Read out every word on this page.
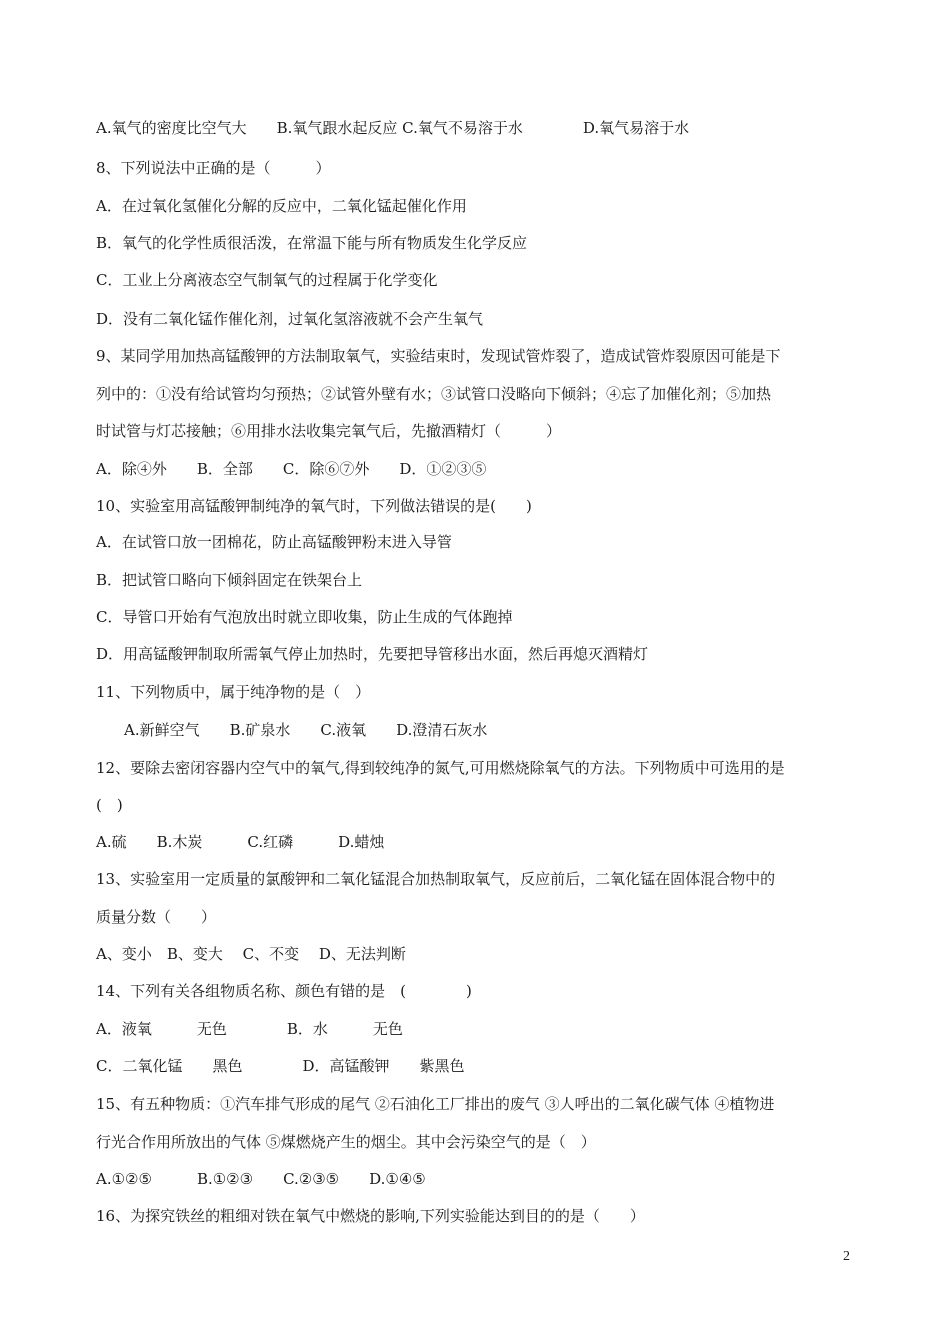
A.氧气的密度比空气大　　B.氧气跟水起反应 C.氧气不易溶于水　　　　D.氧气易溶于水
8、下列说法中正确的是（　　　）
A．在过氧化氢催化分解的反应中，二氧化锰起催化作用
B．氧气的化学性质很活泼，在常温下能与所有物质发生化学反应
C．工业上分离液态空气制氧气的过程属于化学变化
D．没有二氧化锰作催化剂，过氧化氢溶液就不会产生氧气
9、某同学用加热高锰酸钾的方法制取氧气，实验结束时，发现试管炸裂了，造成试管炸裂原因可能是下
列中的：①没有给试管均匀预热；②试管外壁有水；③试管口没略向下倾斜；④忘了加催化剂；⑤加热
时试管与灯芯接触；⑥用排水法收集完氧气后，先撤酒精灯（　　　）
A．除④外　　B．全部　　C．除⑥⑦外　　D．①②③⑤
10、实验室用高锰酸钾制纯净的氧气时，下列做法错误的是(　　)
A．在试管口放一团棉花，防止高锰酸钾粉末进入导管
B．把试管口略向下倾斜固定在铁架台上
C．导管口开始有气泡放出时就立即收集，防止生成的气体跑掉
D．用高锰酸钾制取所需氧气停止加热时，先要把导管移出水面，然后再熄灭酒精灯
11、下列物质中，属于纯净物的是（　）
A.新鲜空气　　B.矿泉水　　C.液氧　　D.澄清石灰水
12、要除去密闭容器内空气中的氧气,得到较纯净的氮气,可用燃烧除氧气的方法。下列物质中可选用的是
(　)
A.硫　　B.木炭　　　C.红磷　　　D.蜡烛
13、实验室用一定质量的氯酸钾和二氧化锰混合加热制取氧气，反应前后，二氧化锰在固体混合物中的
质量分数（　　）
A、变小　B、变大　 C、不变　 D、无法判断
14、下列有关各组物质名称、颜色有错的是　(　　　　)
A．液氧　　　无色　　　　B．水　　　无色
C．二氧化锰　　黑色　　　　D．高锰酸钾　　紫黑色
15、有五种物质：①汽车排气形成的尾气 ②石油化工厂排出的废气 ③人呼出的二氧化碳气体 ④植物进
行光合作用所放出的气体 ⑤煤燃烧产生的烟尘。其中会污染空气的是（　）
A.①②⑤　　　B.①②③　　C.②③⑤　　D.①④⑤
16、为探究铁丝的粗细对铁在氧气中燃烧的影响,下列实验能达到目的的是（　　）
2
